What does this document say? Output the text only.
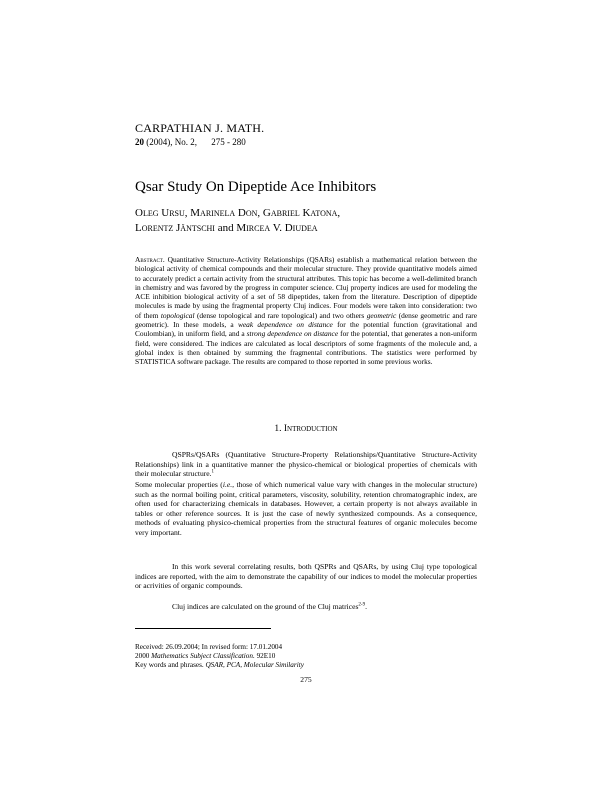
CARPATHIAN J. MATH.
20 (2004), No. 2, 275 - 280
Qsar Study On Dipeptide Ace Inhibitors
Oleg Ursu, Marinela Don, Gabriel Katona,
Lorentz Jäntschi and Mircea V. Diudea
Abstract. Quantitative Structure-Activity Relationships (QSARs) establish a mathematical relation between the biological activity of chemical compounds and their molecular structure. They provide quantitative models aimed to accurately predict a certain activity from the structural attributes. This topic has become a well-delimited branch in chemistry and was favored by the progress in computer science. Cluj property indices are used for modeling the ACE inhibition biological activity of a set of 58 dipeptides, taken from the literature. Description of dipeptide molecules is made by using the fragmental property Cluj indices. Four models were taken into consideration: two of them topological (dense topological and rare topological) and two others geometric (dense geometric and rare geometric). In these models, a weak dependence on distance for the potential function (gravitational and Coulombian), in uniform field, and a strong dependence on distance for the potential, that generates a non-uniform field, were considered. The indices are calculated as local descriptors of some fragments of the molecule and, a global index is then obtained by summing the fragmental contributions. The statistics were performed by STATISTICA software package. The results are compared to those reported in some previous works.
1. Introduction
QSPRs/QSARs (Quantitative Structure-Property Relationships/Quantitative Structure-Activity Relationships) link in a quantitative manner the physico-chemical or biological properties of chemicals with their molecular structure.$^1$
Some molecular properties (i.e., those of which numerical value vary with changes in the molecular structure) such as the normal boiling point, critical parameters, viscosity, solubility, retention chromatographic index, are often used for characterizing chemicals in databases. However, a certain property is not always available in tables or other reference sources. It is just the case of newly synthesized compounds. As a consequence, methods of evaluating physico-chemical properties from the structural features of organic molecules become very important.
In this work several correlating results, both QSPRs and QSARs, by using Cluj type topological indices are reported, with the aim to demonstrate the capability of our indices to model the molecular properties or acrivities of organic compounds.
Cluj indices are calculated on the ground of the Cluj matrices$^{2-9}$.
Received: 26.09.2004; In revised form: 17.01.2004
2000 Mathematics Subject Classification. 92E10
Key words and phrases. QSAR, PCA, Molecular Similarity
275
